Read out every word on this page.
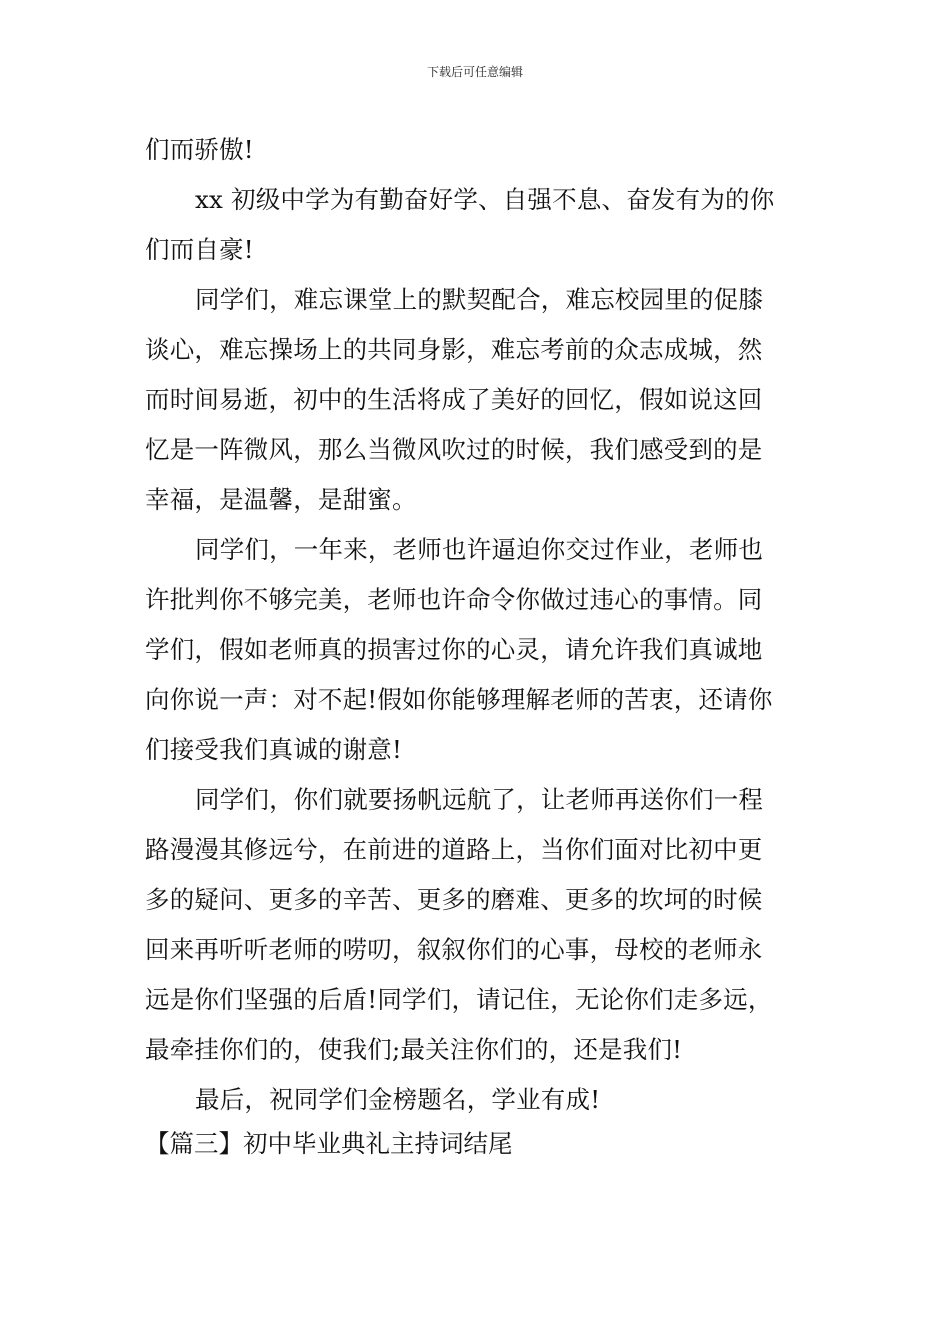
下载后可任意编辑
们而骄傲!
xx 初级中学为有勤奋好学、自强不息、奋发有为的你
们而自豪!
同学们，难忘课堂上的默契配合，难忘校园里的促膝
谈心，难忘操场上的共同身影，难忘考前的众志成城，然
而时间易逝，初中的生活将成了美好的回忆，假如说这回
忆是一阵微风，那么当微风吹过的时候，我们感受到的是
幸福，是温馨，是甜蜜。
同学们，一年来，老师也许逼迫你交过作业，老师也
许批判你不够完美，老师也许命令你做过违心的事情。同
学们，假如老师真的损害过你的心灵，请允许我们真诚地
向你说一声：对不起!假如你能够理解老师的苦衷，还请你
们接受我们真诚的谢意!
同学们，你们就要扬帆远航了，让老师再送你们一程
路漫漫其修远兮，在前进的道路上，当你们面对比初中更
多的疑问、更多的辛苦、更多的磨难、更多的坎坷的时候
回来再听听老师的唠叨，叙叙你们的心事，母校的老师永
远是你们坚强的后盾!同学们，请记住，无论你们走多远，
最牵挂你们的，使我们;最关注你们的，还是我们!
最后，祝同学们金榜题名，学业有成!
【篇三】初中毕业典礼主持词结尾
